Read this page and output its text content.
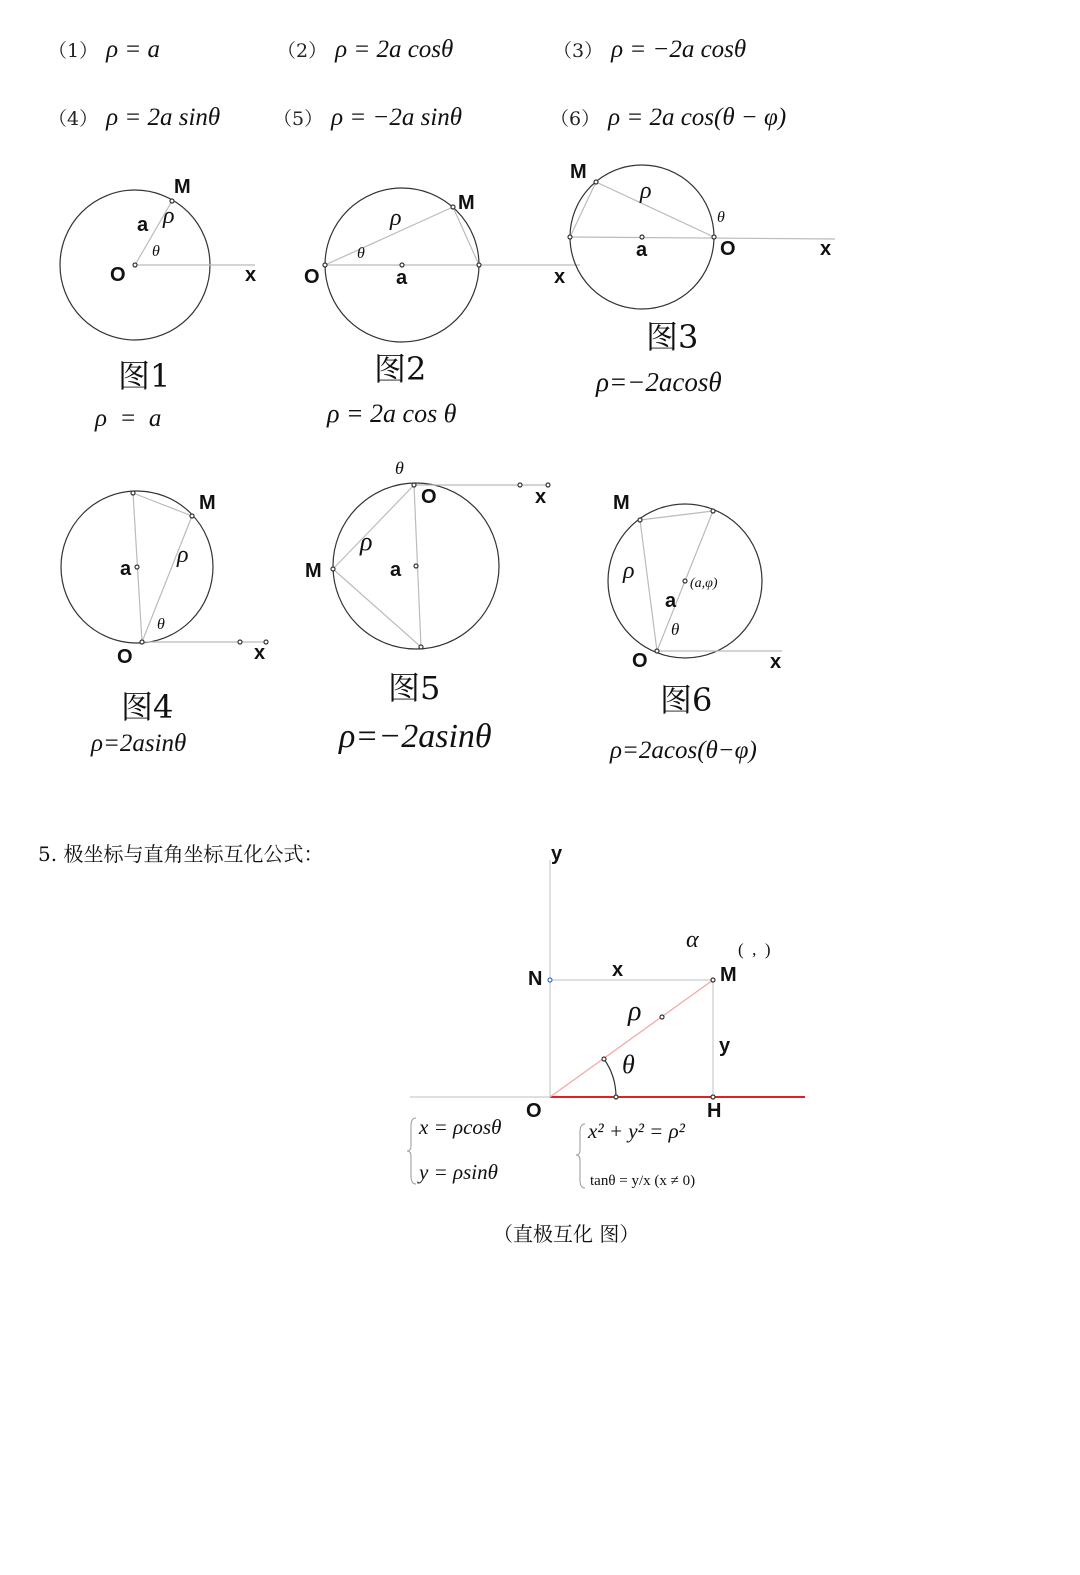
（1） ρ = a	（2） ρ = 2a cosθ	（3） ρ = −2a cosθ
（4） ρ = 2a sinθ	（5） ρ = −2a sinθ	（6） ρ = 2a cos(θ − φ)
M
a ρ
θ
O	x
图1
ρ  =  a
M
ρ
θ
O	a	x
图2
ρ = 2a cos θ
M
ρ
θ
a	O	x
图3
ρ=−2acosθ
M
a
ρ
θ
O	x
图4
ρ=2asinθ
θ
O	x
ρ
M	a
图5
ρ=−2asinθ
M
ρ	(a,φ)
a
θ
O	x
图6
ρ=2acos(θ−φ)
5. 极坐标与直角坐标互化公式：	y
α (  ,  )
N	x	M
ρ
y
θ
O	H
x = ρcosθ
y = ρsinθ
x² + y² = ρ²
tanθ = y/x (x ≠ 0)
（直极互化 图）
